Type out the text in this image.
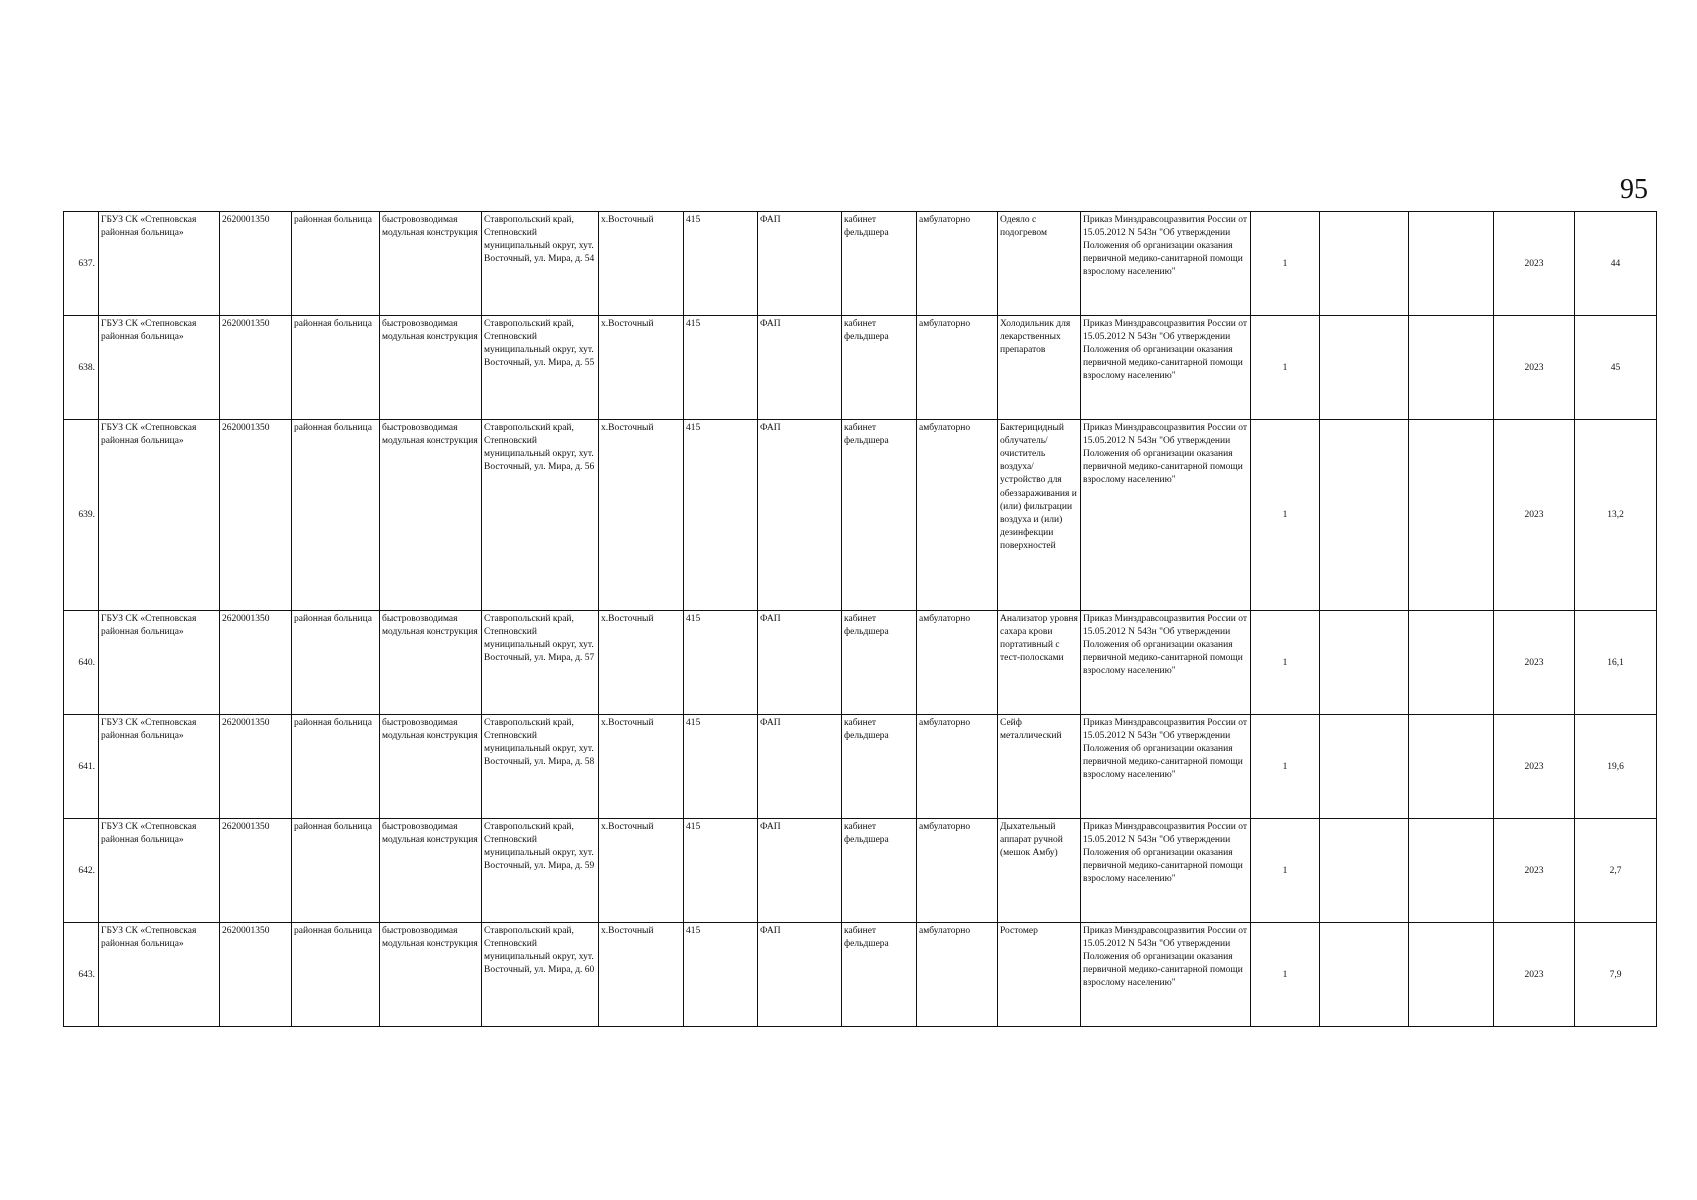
95
637.	ГБУЗ СК «Степновская районная больница»	2620001350	районная больница	быстровозводимая модульная конструкция	Ставропольский край, Степновский муниципальный округ, хут. Восточный, ул. Мира, д. 54	х.Восточный	415	ФАП	кабинет фельдшера	амбулаторно	Одеяло с подогревом	Приказ Минздравсоцразвития России от 15.05.2012 N 543н "Об утверждении Положения об организации оказания первичной медико-санитарной помощи взрослому населению"	1			2023	44
638.	ГБУЗ СК «Степновская районная больница»	2620001350	районная больница	быстровозводимая модульная конструкция	Ставропольский край, Степновский муниципальный округ, хут. Восточный, ул. Мира, д. 55	х.Восточный	415	ФАП	кабинет фельдшера	амбулаторно	Холодильник для лекарственных препаратов	Приказ Минздравсоцразвития России от 15.05.2012 N 543н "Об утверждении Положения об организации оказания первичной медико-санитарной помощи взрослому населению"	1			2023	45
639.	ГБУЗ СК «Степновская районная больница»	2620001350	районная больница	быстровозводимая модульная конструкция	Ставропольский край, Степновский муниципальный округ, хут. Восточный, ул. Мира, д. 56	х.Восточный	415	ФАП	кабинет фельдшера	амбулаторно	Бактерицидный облучатель/очиститель воздуха/устройство для обеззараживания и (или) фильтрации воздуха и (или) дезинфекции поверхностей	Приказ Минздравсоцразвития России от 15.05.2012 N 543н "Об утверждении Положения об организации оказания первичной медико-санитарной помощи взрослому населению"	1			2023	13,2
640.	ГБУЗ СК «Степновская районная больница»	2620001350	районная больница	быстровозводимая модульная конструкция	Ставропольский край, Степновский муниципальный округ, хут. Восточный, ул. Мира, д. 57	х.Восточный	415	ФАП	кабинет фельдшера	амбулаторно	Анализатор уровня сахара крови портативный с тест-полосками	Приказ Минздравсоцразвития России от 15.05.2012 N 543н "Об утверждении Положения об организации оказания первичной медико-санитарной помощи взрослому населению"	1			2023	16,1
641.	ГБУЗ СК «Степновская районная больница»	2620001350	районная больница	быстровозводимая модульная конструкция	Ставропольский край, Степновский муниципальный округ, хут. Восточный, ул. Мира, д. 58	х.Восточный	415	ФАП	кабинет фельдшера	амбулаторно	Сейф металлический	Приказ Минздравсоцразвития России от 15.05.2012 N 543н "Об утверждении Положения об организации оказания первичной медико-санитарной помощи взрослому населению"	1			2023	19,6
642.	ГБУЗ СК «Степновская районная больница»	2620001350	районная больница	быстровозводимая модульная конструкция	Ставропольский край, Степновский муниципальный округ, хут. Восточный, ул. Мира, д. 59	х.Восточный	415	ФАП	кабинет фельдшера	амбулаторно	Дыхательный аппарат ручной (мешок Амбу)	Приказ Минздравсоцразвития России от 15.05.2012 N 543н "Об утверждении Положения об организации оказания первичной медико-санитарной помощи взрослому населению"	1			2023	2,7
643.	ГБУЗ СК «Степновская районная больница»	2620001350	районная больница	быстровозводимая модульная конструкция	Ставропольский край, Степновский муниципальный округ, хут. Восточный, ул. Мира, д. 60	х.Восточный	415	ФАП	кабинет фельдшера	амбулаторно	Ростомер	Приказ Минздравсоцразвития России от 15.05.2012 N 543н "Об утверждении Положения об организации оказания первичной медико-санитарной помощи взрослому населению"	1			2023	7,9
